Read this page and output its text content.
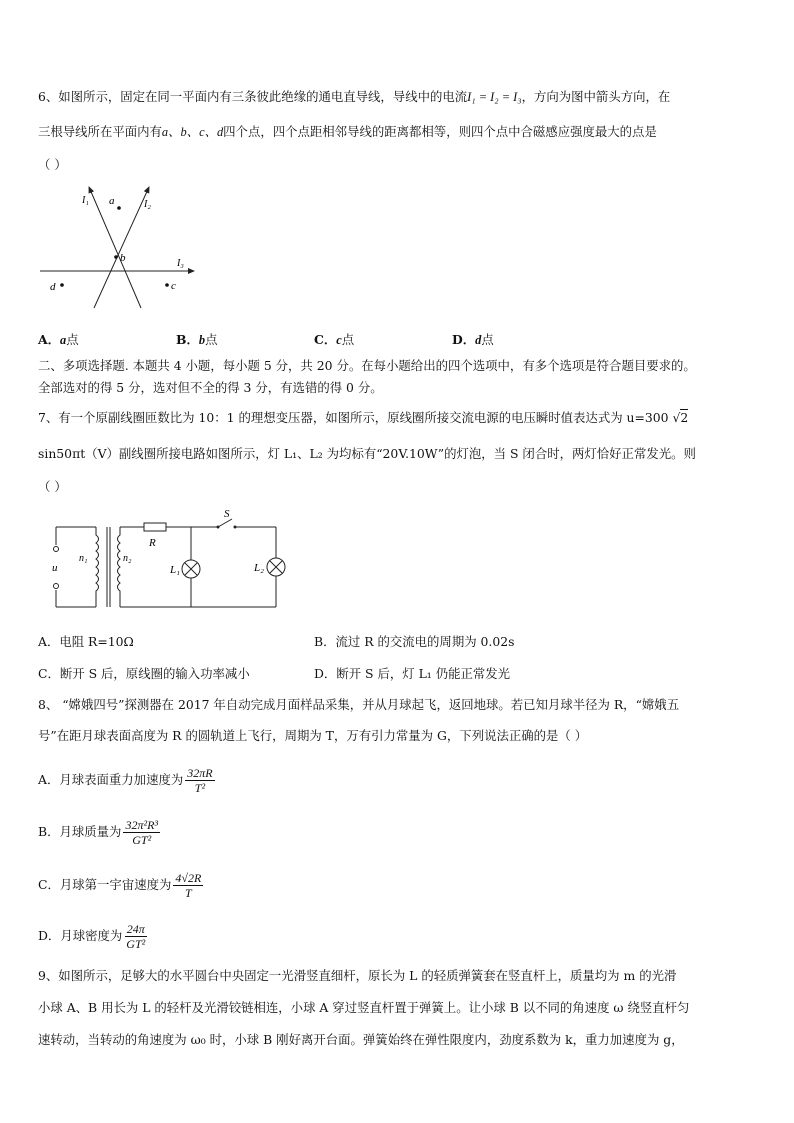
6、如图所示，固定在同一平面内有三条彼此绝缘的通电直导线，导线中的电流I₁ = I₂ = I₃，方向为图中箭头方向，在
三根导线所在平面内有a、b、c、d四个点，四个点距相邻导线的距离都相等，则四个点中合磁感应强度最大的点是
（ ）
I₁	I₂
I₃
a
b
d	c
A．a点	B．b点	C．c点	D．d点
二、多项选择题. 本题共 4 小题，每小题 5 分，共 20 分。在每小题给出的四个选项中，有多个选项是符合题目要求的。
全部选对的得 5 分，选对但不全的得 3 分，有选错的得 0 分。
7、有一个原副线圈匝数比为 10：1 的理想变压器，如图所示，原线圈所接交流电源的电压瞬时值表达式为 u=300 √2
sin50πt（V）副线圈所接电路如图所示，灯 L₁、L₂ 为均标有“20V.10W”的灯泡，当 S 闭合时，两灯恰好正常发光。则
（ ）
u
n₁	n₂
R
S
L₁	L₂
A．电阻 R=10Ω	B．流过 R 的交流电的周期为 0.02s
C．断开 S 后，原线圈的输入功率减小	D．断开 S 后，灯 L₁ 仍能正常发光
8、 “嫦娥四号”探测器在 2017 年自动完成月面样品采集，并从月球起飞，返回地球。若已知月球半径为 R，“嫦娥五
号”在距月球表面高度为 R 的圆轨道上飞行，周期为 T，万有引力常量为 G，下列说法正确的是（ ）
A．月球表面重力加速度为 $\frac{32\pi R}{\text{T²}}$
B．月球质量为 $\frac{\text{32π²R³}}{\text{GT²}}$
C．月球第一宇宙速度为 $\frac{4√2R}{T}$
D．月球密度为 $\frac{24\pi}{\text{GT²}}$
9、如图所示，足够大的水平圆台中央固定一光滑竖直细杆，原长为 L 的轻质弹簧套在竖直杆上，质量均为 m 的光滑
小球 A、B 用长为 L 的轻杆及光滑铰链相连，小球 A 穿过竖直杆置于弹簧上。让小球 B 以不同的角速度 ω 绕竖直杆匀
速转动，当转动的角速度为 ω₀ 时，小球 B 刚好离开台面。弹簧始终在弹性限度内，劲度系数为 k，重力加速度为 g，
